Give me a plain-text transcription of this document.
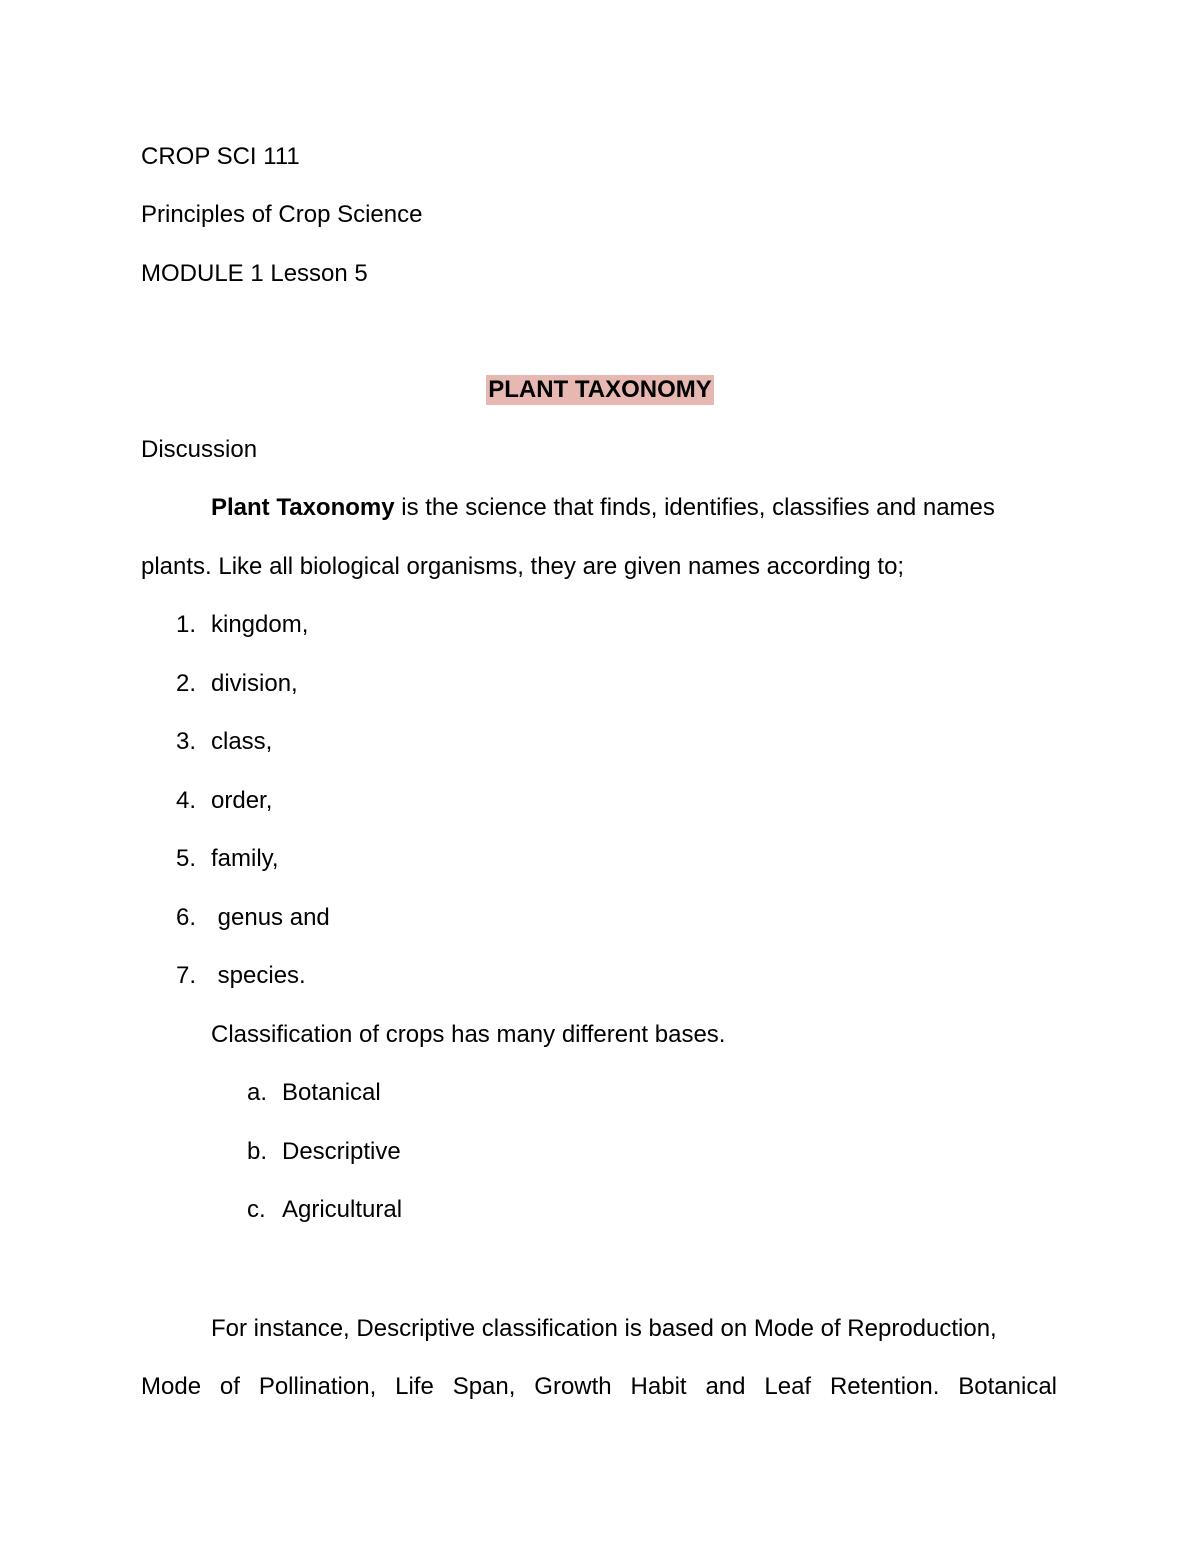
CROP SCI 111
Principles of Crop Science
MODULE 1 Lesson 5
PLANT TAXONOMY
Discussion
Plant Taxonomy is the science that finds, identifies, classifies and names
plants. Like all biological organisms, they are given names according to;
1. kingdom,
2. division,
3. class,
4. order,
5. family,
6. genus and
7. species.
Classification of crops has many different bases.
a. Botanical
b. Descriptive
c. Agricultural
For instance, Descriptive classification is based on Mode of Reproduction,
Mode of Pollination, Life Span, Growth Habit and Leaf Retention. Botanical
